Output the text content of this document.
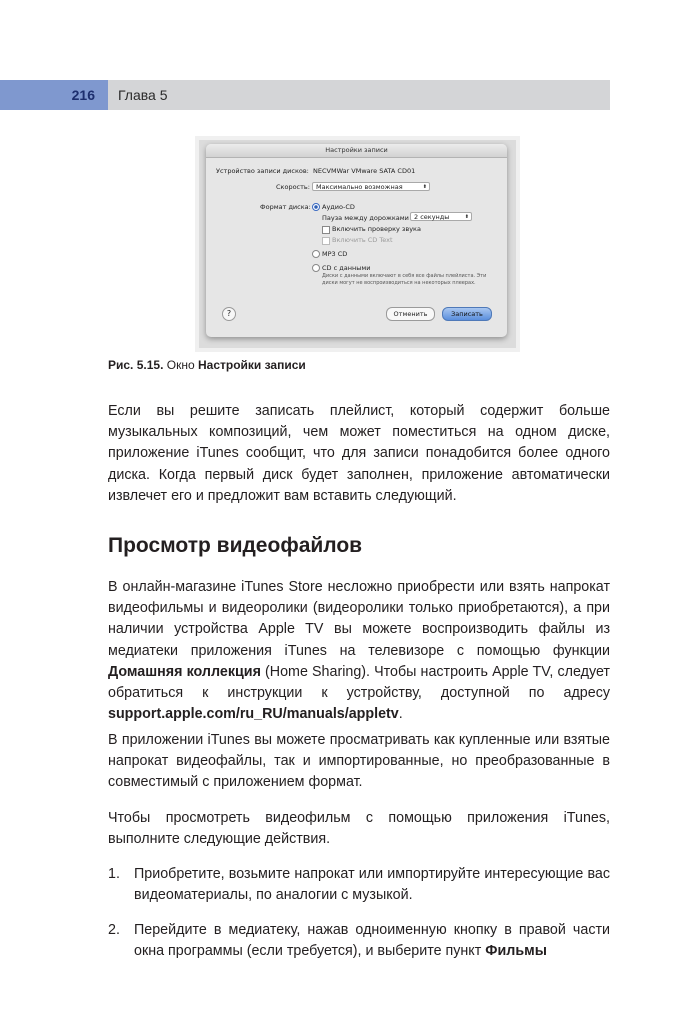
216	Глава 5
Настройки записи
Устройство записи дисков: NECVMWar VMware SATA CD01
Скорость: Максимально возможная	⬍
Формат диска: Аудио-CD
Пауза между дорожками 2 секунды	⬍
Включить проверку звука
Включить CD Text
MP3 CD
CD с данными
Диски с данными включают в себя все файлы плейлиста. Эти
диски могут не воспроизводиться на некоторых плеерах.
?	Отменить	Записать
Рис. 5.15. Окно Настройки записи

Если вы решите записать плейлист, который содержит больше музыкальных композиций, чем может поместиться на одном диске, приложение iTunes сообщит, что для записи понадобится более одного диска. Когда первый диск будет заполнен, приложение автоматически извлечет его и предложит вам вставить следующий.

Просмотр видеофайлов

В онлайн-магазине iTunes Store несложно приобрести или взять напрокат видеофильмы и видеоролики (видеоролики только приобретаются), а при наличии устройства Apple TV вы можете воспроизводить файлы из медиатеки приложения iTunes на телевизоре с помощью функции Домашняя коллекция (Home Sharing). Чтобы настроить Apple TV, следует обратиться к инструкции к устройству, доступной по адресу support.apple.com/ru_RU/manuals/appletv.

В приложении iTunes вы можете просматривать как купленные или взятые напрокат видеофайлы, так и импортированные, но преобразованные в совместимый с приложением формат.

Чтобы просмотреть видеофильм с помощью приложения iTunes, выполните следующие действия.

1. Приобретите, возьмите напрокат или импортируйте интересующие вас видеоматериалы, по аналогии с музыкой.
2. Перейдите в медиатеку, нажав одноименную кнопку в правой части окна программы (если требуется), и выберите пункт Фильмы
